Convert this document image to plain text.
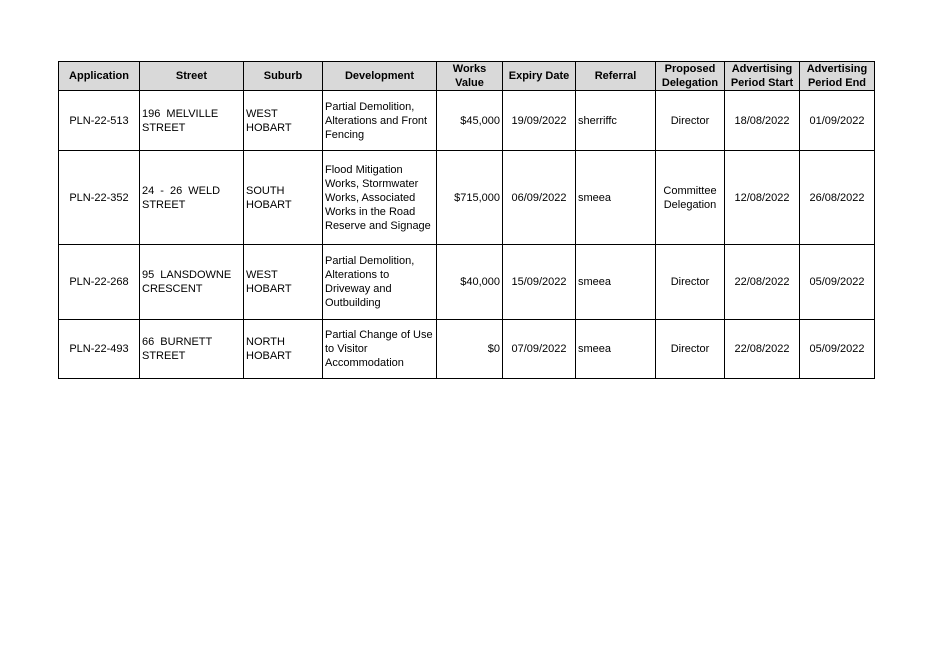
Application	Street	Suburb	Development	Works Value	Expiry Date	Referral	Proposed Delegation	Advertising Period Start	Advertising Period End
PLN-22-513	196 MELVILLE STREET	WEST HOBART	Partial Demolition, Alterations and Front Fencing	$45,000	19/09/2022	sherriffc	Director	18/08/2022	01/09/2022
PLN-22-352	24 - 26 WELD STREET	SOUTH HOBART	Flood Mitigation Works, Stormwater Works, Associated Works in the Road Reserve and Signage	$715,000	06/09/2022	smeea	Committee Delegation	12/08/2022	26/08/2022
PLN-22-268	95 LANSDOWNE CRESCENT	WEST HOBART	Partial Demolition, Alterations to Driveway and Outbuilding	$40,000	15/09/2022	smeea	Director	22/08/2022	05/09/2022
PLN-22-493	66 BURNETT STREET	NORTH HOBART	Partial Change of Use to Visitor Accommodation	$0	07/09/2022	smeea	Director	22/08/2022	05/09/2022
